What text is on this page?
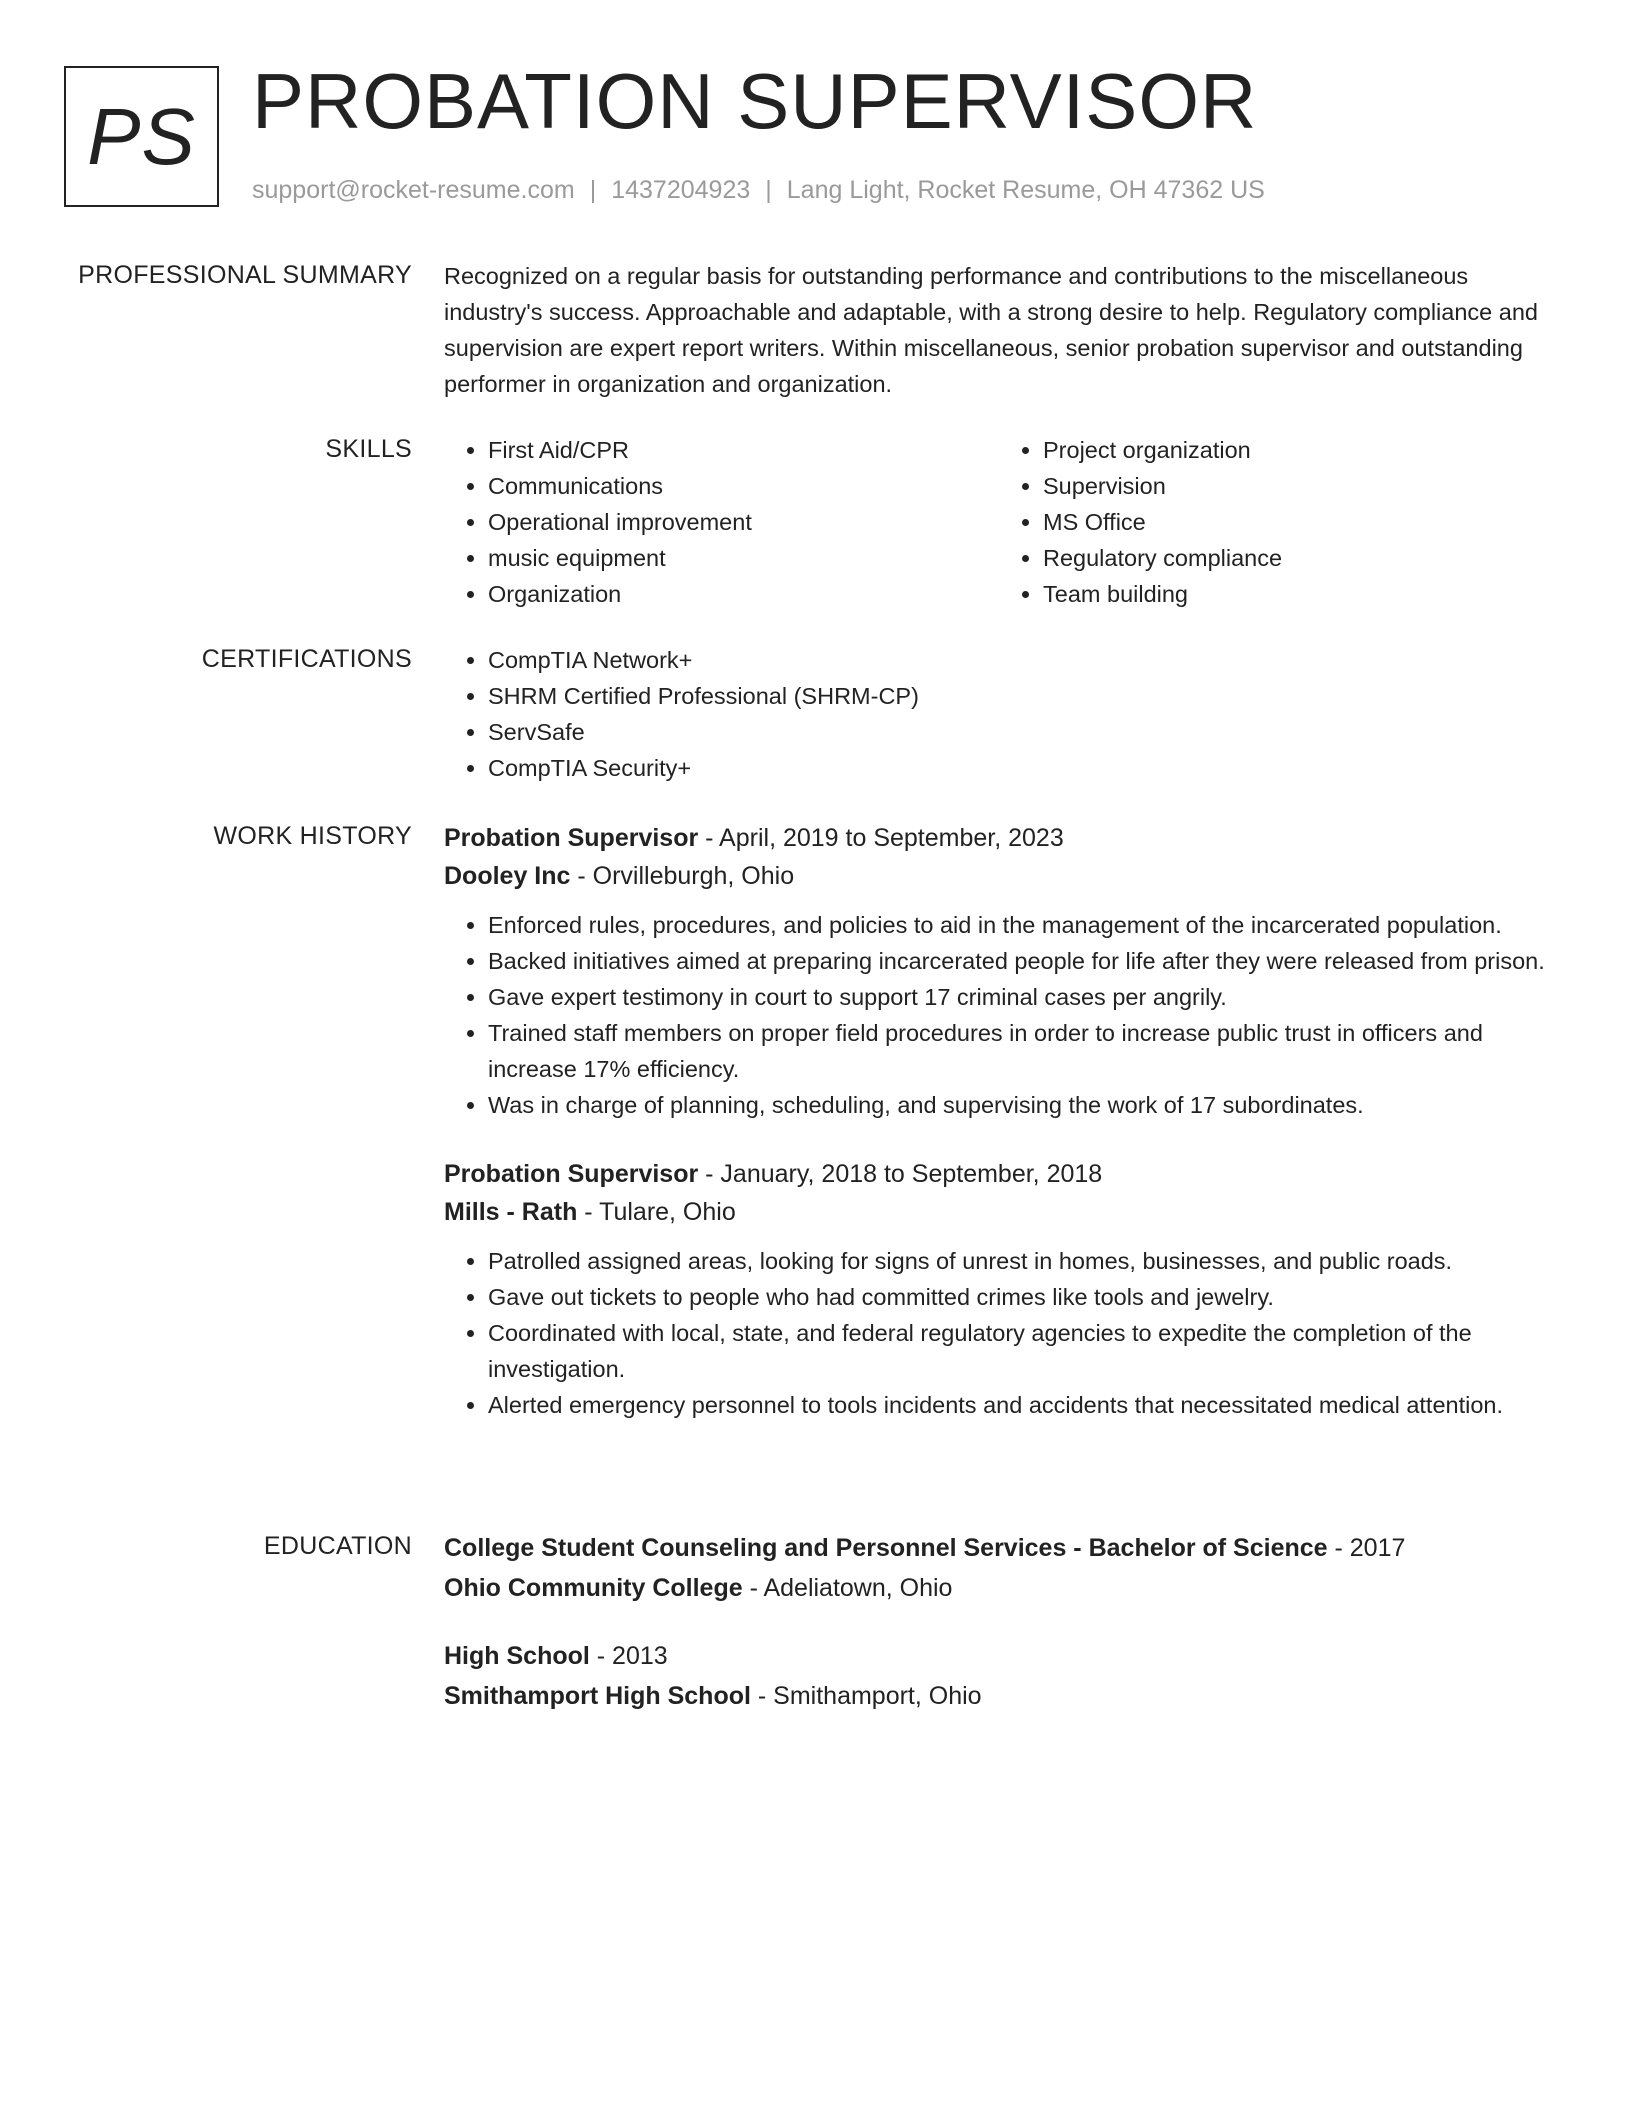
PS PROBATION SUPERVISOR
support@rocket-resume.com | 1437204923 | Lang Light, Rocket Resume, OH 47362 US
PROFESSIONAL SUMMARY Recognized on a regular basis for outstanding performance and contributions to the miscellaneous industry's success. Approachable and adaptable, with a strong desire to help. Regulatory compliance and supervision are expert report writers. Within miscellaneous, senior probation supervisor and outstanding performer in organization and organization.

SKILLS	• First Aid/CPR
• Communications
• Operational improvement
• music equipment
• Organization
• Project organization
• Supervision
• MS Office
• Regulatory compliance
• Team building
CERTIFICATIONS	• CompTIA Network+
• SHRM Certified Professional (SHRM-CP)
• ServSafe
• CompTIA Security+
WORK HISTORY Probation Supervisor - April, 2019 to September, 2023
Dooley Inc - Orvilleburgh, Ohio
• Enforced rules, procedures, and policies to aid in the management of the incarcerated population.
• Backed initiatives aimed at preparing incarcerated people for life after they were released from prison.
• Gave expert testimony in court to support 17 criminal cases per angrily.
• Trained staff members on proper field procedures in order to increase public trust in officers and increase 17% efficiency.
• Was in charge of planning, scheduling, and supervising the work of 17 subordinates.
Probation Supervisor - January, 2018 to September, 2018
Mills - Rath - Tulare, Ohio
• Patrolled assigned areas, looking for signs of unrest in homes, businesses, and public roads.
• Gave out tickets to people who had committed crimes like tools and jewelry.
• Coordinated with local, state, and federal regulatory agencies to expedite the completion of the investigation.
• Alerted emergency personnel to tools incidents and accidents that necessitated medical attention.
EDUCATION College Student Counseling and Personnel Services - Bachelor of Science - 2017
Ohio Community College - Adeliatown, Ohio
High School - 2013
Smithamport High School - Smithamport, Ohio
